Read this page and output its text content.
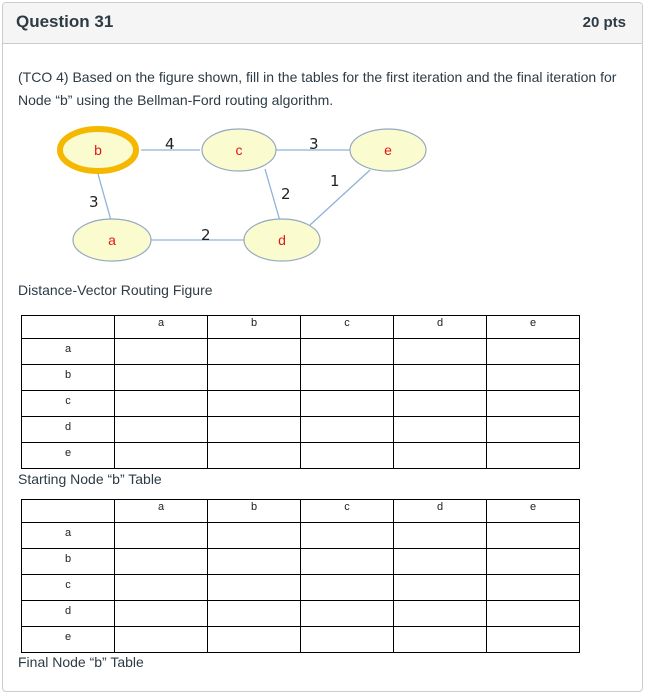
Question 31	20 pts
(TCO 4) Based on the figure shown, fill in the tables for the first iteration and the final iteration for Node “b” using the Bellman-Ford routing algorithm.
4	3
3	2
1
2
b	c	e
a	d
Distance-Vector Routing Figure
	a	b	c	d	e
a					
b					
c					
d					
e					
Starting Node “b” Table
	a	b	c	d	e
a					
b					
c					
d					
e					
Final Node “b” Table
